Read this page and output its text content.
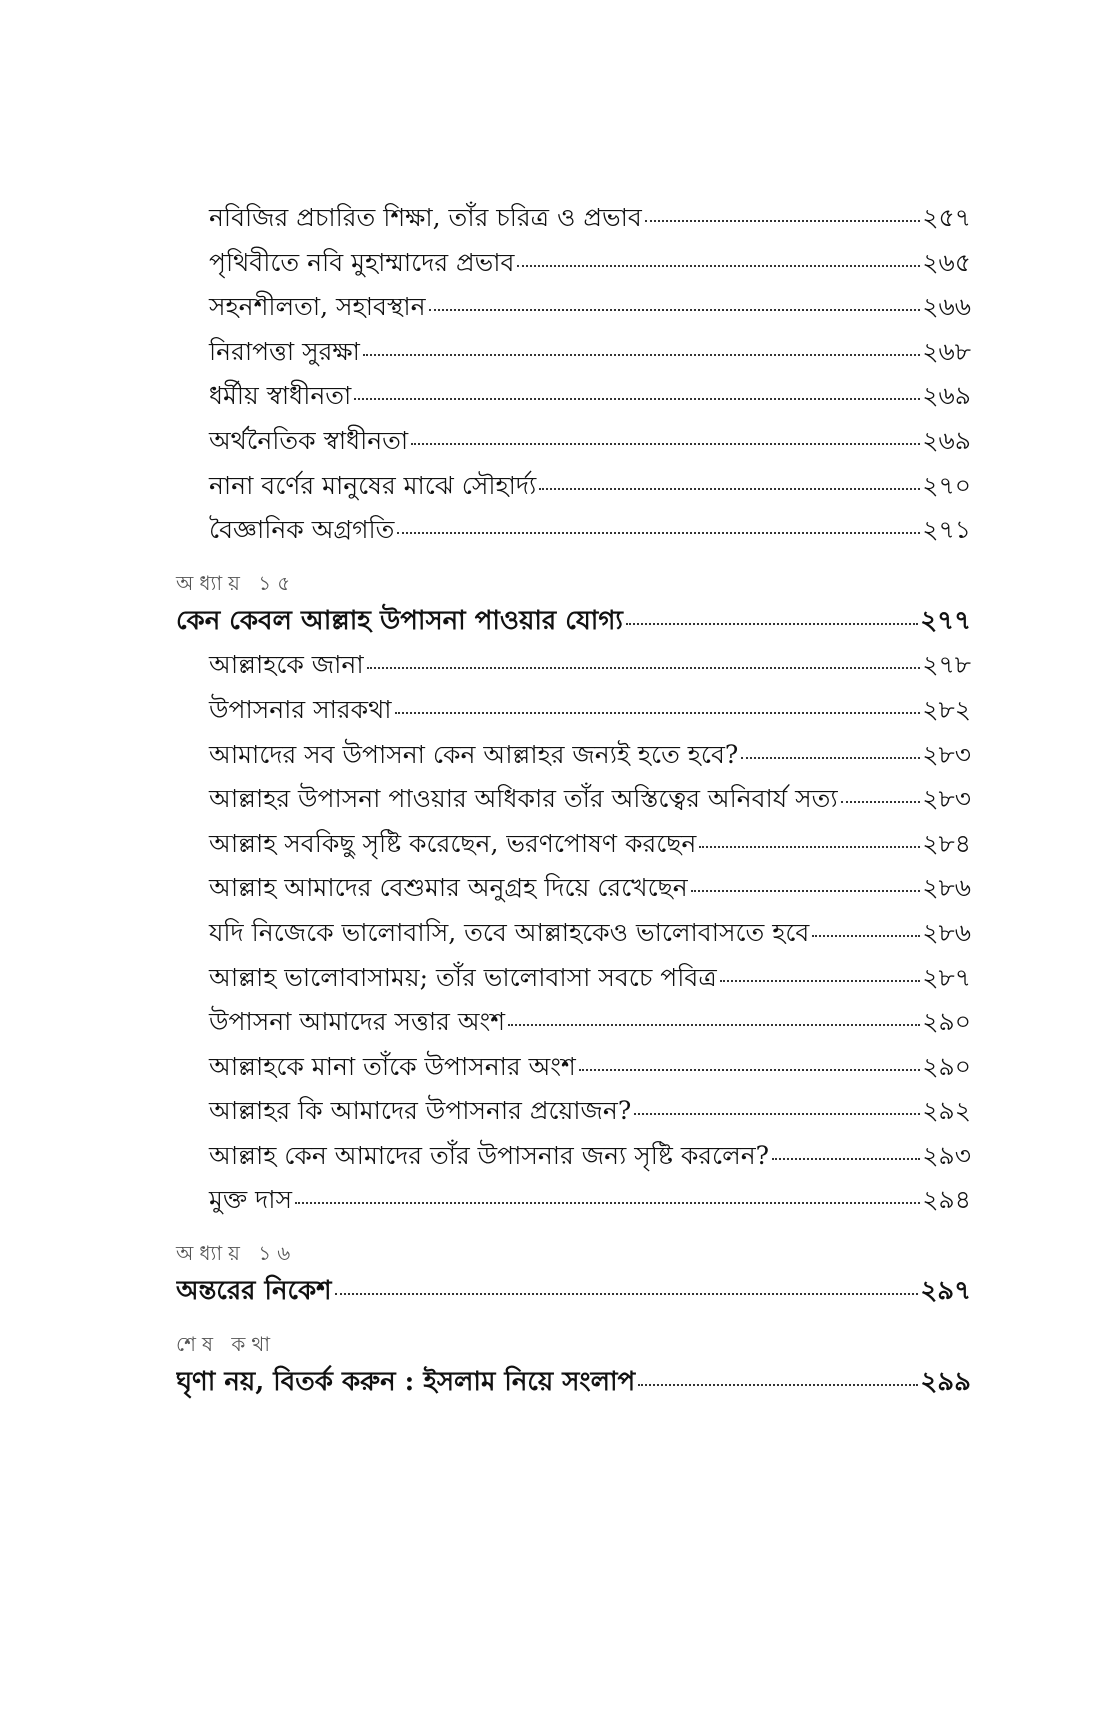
নবিজির প্রচারিত শিক্ষা, তাঁর চরিত্র ও প্রভাব	২৫৭
পৃথিবীতে নবি মুহাম্মাদের প্রভাব	২৬৫
সহনশীলতা, সহাবস্থান	২৬৬
নিরাপত্তা সুরক্ষা	২৬৮
ধর্মীয় স্বাধীনতা	২৬৯
অর্থনৈতিক স্বাধীনতা	২৬৯
নানা বর্ণের মানুষের মাঝে সৌহার্দ্য	২৭০
বৈজ্ঞানিক অগ্রগতি	২৭১
অধ্যায় ১৫
কেন কেবল আল্লাহ উপাসনা পাওয়ার যোগ্য	২৭৭
আল্লাহকে জানা	২৭৮
উপাসনার সারকথা	২৮২
আমাদের সব উপাসনা কেন আল্লাহর জন্যই হতে হবে?	২৮৩
আল্লাহর উপাসনা পাওয়ার অধিকার তাঁর অস্তিত্বের অনিবার্য সত্য	২৮৩
আল্লাহ সবকিছু সৃষ্টি করেছেন, ভরণপোষণ করছেন	২৮৪
আল্লাহ আমাদের বেশুমার অনুগ্রহ দিয়ে রেখেছেন	২৮৬
যদি নিজেকে ভালোবাসি, তবে আল্লাহকেও ভালোবাসতে হবে	২৮৬
আল্লাহ ভালোবাসাময়; তাঁর ভালোবাসা সবচে পবিত্র	২৮৭
উপাসনা আমাদের সত্তার অংশ	২৯০
আল্লাহকে মানা তাঁকে উপাসনার অংশ	২৯০
আল্লাহর কি আমাদের উপাসনার প্রয়োজন?	২৯২
আল্লাহ কেন আমাদের তাঁর উপাসনার জন্য সৃষ্টি করলেন?	২৯৩
মুক্ত দাস	২৯৪
অধ্যায় ১৬
অন্তরের নিকেশ	২৯৭
শেষ কথা
ঘৃণা নয়, বিতর্ক করুন : ইসলাম নিয়ে সংলাপ	২৯৯
